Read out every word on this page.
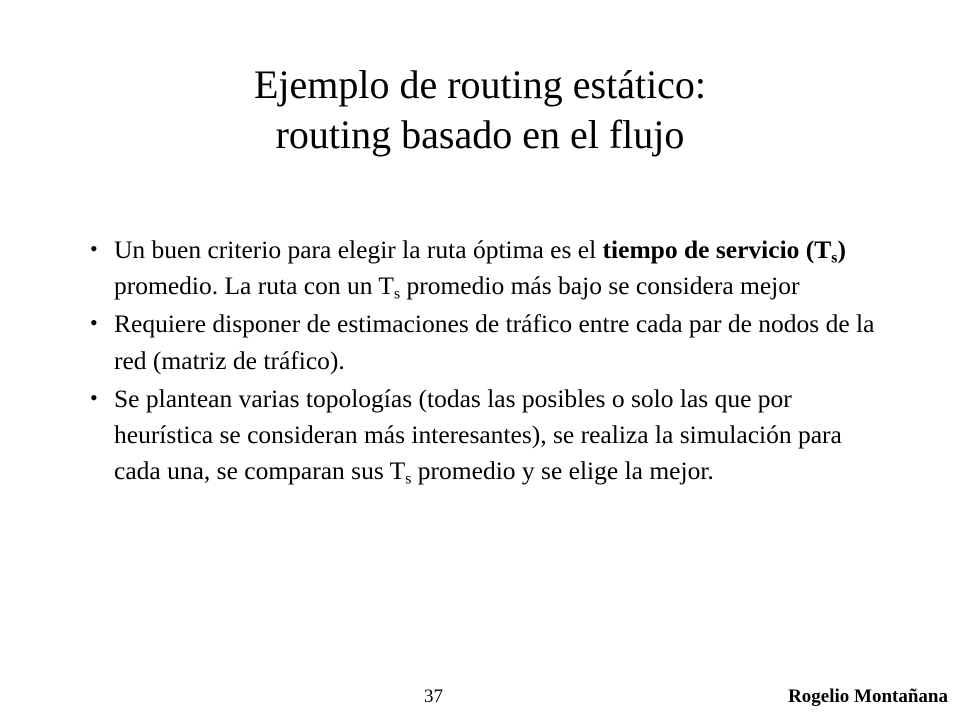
Ejemplo de routing estático:
routing basado en el flujo
• Un buen criterio para elegir la ruta óptima es el tiempo de servicio $(T_s)$ promedio. La ruta con un $T_s$ promedio más bajo se considera mejor
• Requiere disponer de estimaciones de tráfico entre cada par de nodos de la red (matriz de tráfico).
• Se plantean varias topologías (todas las posibles o solo las que por heurística se consideran más interesantes), se realiza la simulación para cada una, se comparan sus $T_s$ promedio y se elige la mejor.
37	Rogelio Montañana
